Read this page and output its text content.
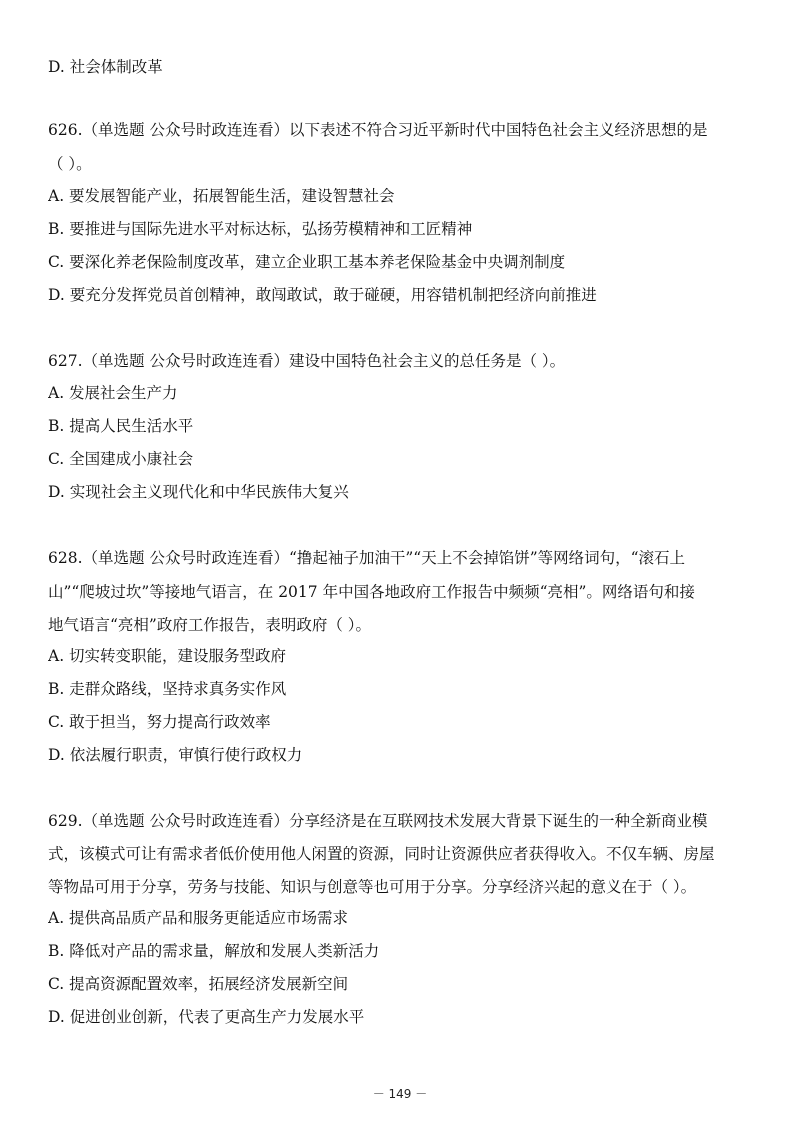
D. 社会体制改革
626.（单选题 公众号时政连连看）以下表述不符合习近平新时代中国特色社会主义经济思想的是
（ ）。
A. 要发展智能产业，拓展智能生活，建设智慧社会
B. 要推进与国际先进水平对标达标，弘扬劳模精神和工匠精神
C. 要深化养老保险制度改革，建立企业职工基本养老保险基金中央调剂制度
D. 要充分发挥党员首创精神，敢闯敢试，敢于碰硬，用容错机制把经济向前推进
627.（单选题 公众号时政连连看）建设中国特色社会主义的总任务是（ ）。
A. 发展社会生产力
B. 提高人民生活水平
C. 全国建成小康社会
D. 实现社会主义现代化和中华民族伟大复兴
628.（单选题 公众号时政连连看）“撸起袖子加油干”“天上不会掉馅饼”等网络词句，“滚石上
山”“爬坡过坎”等接地气语言，在 2017 年中国各地政府工作报告中频频“亮相”。网络语句和接
地气语言“亮相”政府工作报告，表明政府（ ）。
A. 切实转变职能，建设服务型政府
B. 走群众路线，坚持求真务实作风
C. 敢于担当，努力提高行政效率
D. 依法履行职责，审慎行使行政权力
629.（单选题 公众号时政连连看）分享经济是在互联网技术发展大背景下诞生的一种全新商业模
式，该模式可让有需求者低价使用他人闲置的资源，同时让资源供应者获得收入。不仅车辆、房屋
等物品可用于分享，劳务与技能、知识与创意等也可用于分享。分享经济兴起的意义在于（ ）。
A. 提供高品质产品和服务更能适应市场需求
B. 降低对产品的需求量，解放和发展人类新活力
C. 提高资源配置效率，拓展经济发展新空间
D. 促进创业创新，代表了更高生产力发展水平
－ 149 －
